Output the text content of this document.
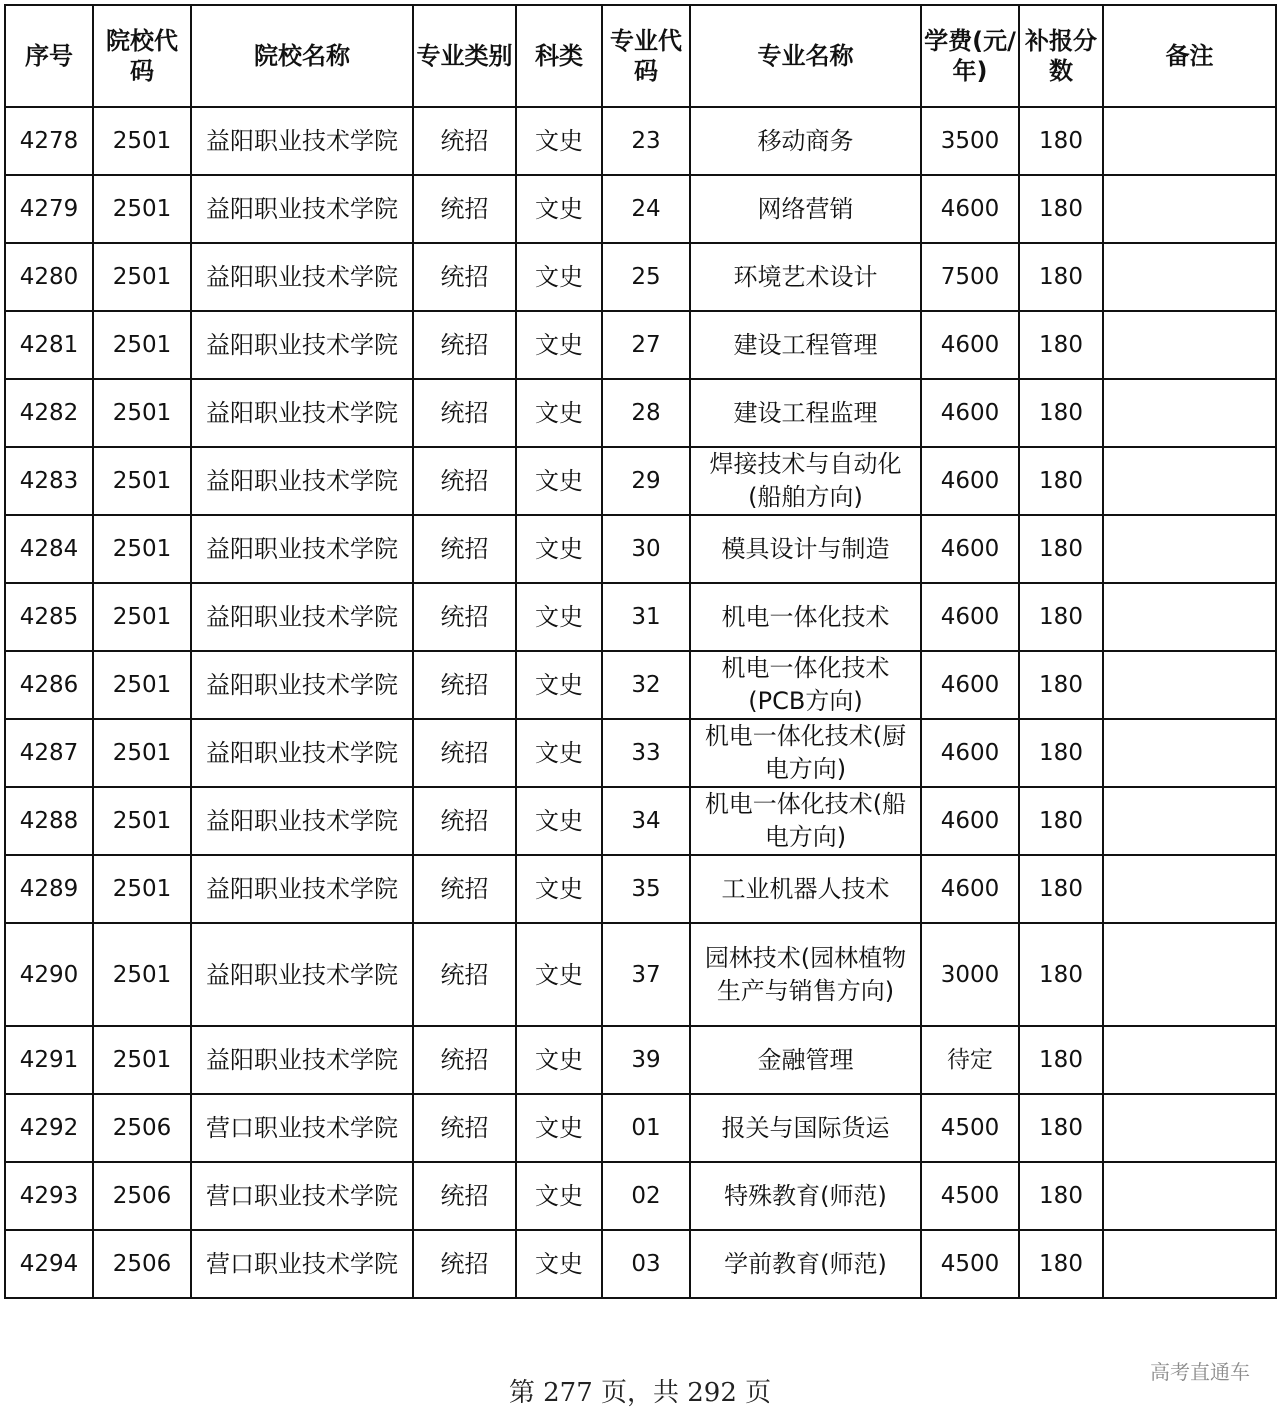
序号	院校代码	院校名称	专业类别	科类	专业代码	专业名称	学费(元/年)	补报分数	备注
4278	2501	益阳职业技术学院	统招	文史	23	移动商务	3500	180	
4279	2501	益阳职业技术学院	统招	文史	24	网络营销	4600	180	
4280	2501	益阳职业技术学院	统招	文史	25	环境艺术设计	7500	180	
4281	2501	益阳职业技术学院	统招	文史	27	建设工程管理	4600	180	
4282	2501	益阳职业技术学院	统招	文史	28	建设工程监理	4600	180	
4283	2501	益阳职业技术学院	统招	文史	29	焊接技术与自动化(船舶方向)	4600	180	
4284	2501	益阳职业技术学院	统招	文史	30	模具设计与制造	4600	180	
4285	2501	益阳职业技术学院	统招	文史	31	机电一体化技术	4600	180	
4286	2501	益阳职业技术学院	统招	文史	32	机电一体化技术(PCB方向)	4600	180	
4287	2501	益阳职业技术学院	统招	文史	33	机电一体化技术(厨电方向)	4600	180	
4288	2501	益阳职业技术学院	统招	文史	34	机电一体化技术(船电方向)	4600	180	
4289	2501	益阳职业技术学院	统招	文史	35	工业机器人技术	4600	180	
4290	2501	益阳职业技术学院	统招	文史	37	园林技术(园林植物生产与销售方向)	3000	180	
4291	2501	益阳职业技术学院	统招	文史	39	金融管理	待定	180	
4292	2506	营口职业技术学院	统招	文史	01	报关与国际货运	4500	180	
4293	2506	营口职业技术学院	统招	文史	02	特殊教育(师范)	4500	180	
4294	2506	营口职业技术学院	统招	文史	03	学前教育(师范)	4500	180	
第 277 页，共 292 页
高考直通车
